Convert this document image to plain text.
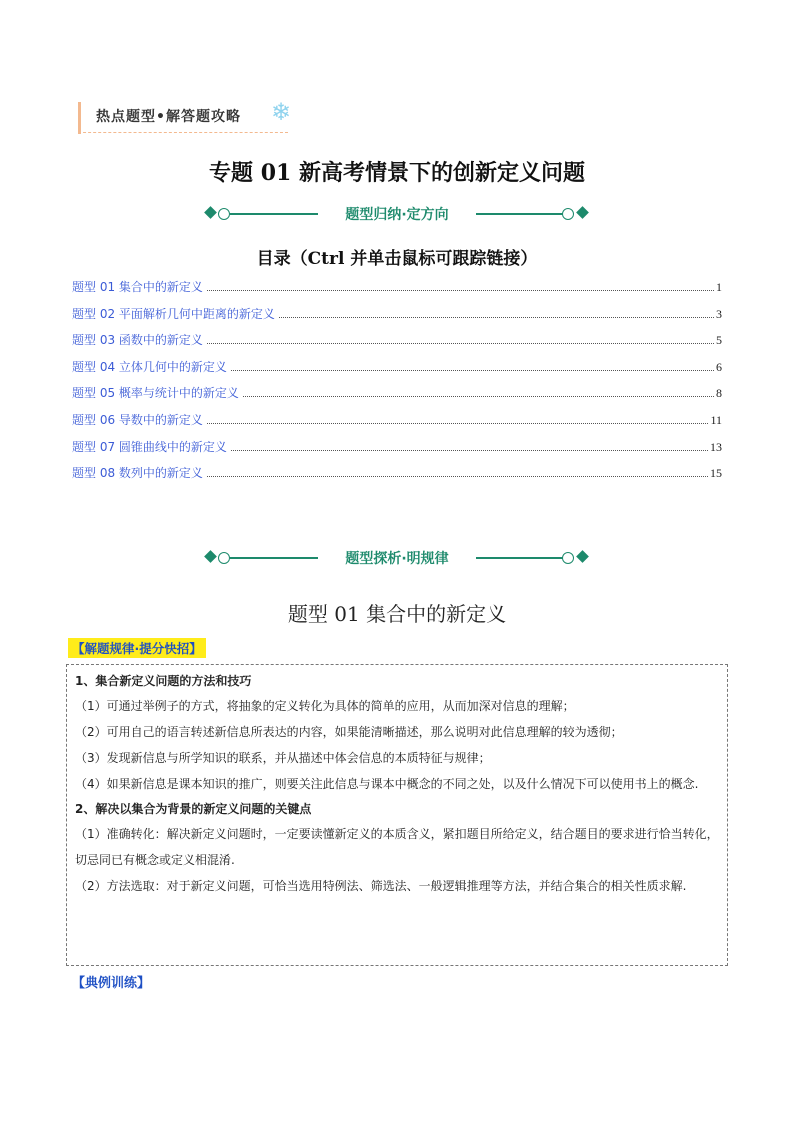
热点题型•解答题攻略 ❄
专题 01 新高考情景下的创新定义问题
题型归纳·定方向
目录（Ctrl 并单击鼠标可跟踪链接）
题型 01 集合中的新定义	1
题型 02 平面解析几何中距离的新定义	3
题型 03 函数中的新定义	5
题型 04 立体几何中的新定义	6
题型 05 概率与统计中的新定义	8
题型 06 导数中的新定义	11
题型 07 圆锥曲线中的新定义	13
题型 08 数列中的新定义	15
题型探析·明规律
题型 01 集合中的新定义
【解题规律·提分快招】
1、集合新定义问题的方法和技巧
（1）可通过举例子的方式，将抽象的定义转化为具体的简单的应用，从而加深对信息的理解；
（2）可用自己的语言转述新信息所表达的内容，如果能清晰描述，那么说明对此信息理解的较为透彻；
（3）发现新信息与所学知识的联系，并从描述中体会信息的本质特征与规律；
（4）如果新信息是课本知识的推广，则要关注此信息与课本中概念的不同之处，以及什么情况下可以使用书上的概念.
2、解决以集合为背景的新定义问题的关键点
（1）准确转化：解决新定义问题时，一定要读懂新定义的本质含义，紧扣题目所给定义，结合题目的要求进行恰当转化，切忌同已有概念或定义相混淆.
（2）方法选取：对于新定义问题，可恰当选用特例法、筛选法、一般逻辑推理等方法，并结合集合的相关性质求解.
【典例训练】
